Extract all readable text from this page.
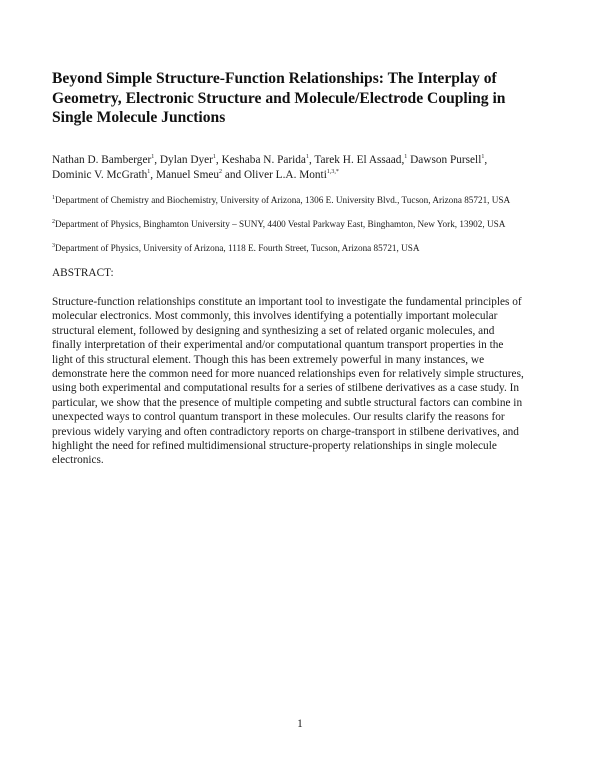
Beyond Simple Structure-Function Relationships: The Interplay of
Geometry, Electronic Structure and Molecule/Electrode Coupling in
Single Molecule Junctions

Nathan D. Bamberger$^1$, Dylan Dyer$^1$, Keshaba N. Parida$^1$, Tarek H. El Assaad,$^1$ Dawson Pursell$^1$,
Dominic V. McGrath$^1$, Manuel Smeu$^2$ and Oliver L.A. Monti$^{1,3,*}$

$^1$Department of Chemistry and Biochemistry, University of Arizona, 1306 E. University Blvd., Tucson, Arizona 85721, USA

$^2$Department of Physics, Binghamton University – SUNY, 4400 Vestal Parkway East, Binghamton, New York, 13902, USA

$^3$Department of Physics, University of Arizona, 1118 E. Fourth Street, Tucson, Arizona 85721, USA

ABSTRACT:

Structure-function relationships constitute an important tool to investigate the fundamental principles of
molecular electronics. Most commonly, this involves identifying a potentially important molecular
structural element, followed by designing and synthesizing a set of related organic molecules, and
finally interpretation of their experimental and/or computational quantum transport properties in the
light of this structural element. Though this has been extremely powerful in many instances, we
demonstrate here the common need for more nuanced relationships even for relatively simple structures,
using both experimental and computational results for a series of stilbene derivatives as a case study. In
particular, we show that the presence of multiple competing and subtle structural factors can combine in
unexpected ways to control quantum transport in these molecules. Our results clarify the reasons for
previous widely varying and often contradictory reports on charge-transport in stilbene derivatives, and
highlight the need for refined multidimensional structure-property relationships in single molecule
electronics.

1
